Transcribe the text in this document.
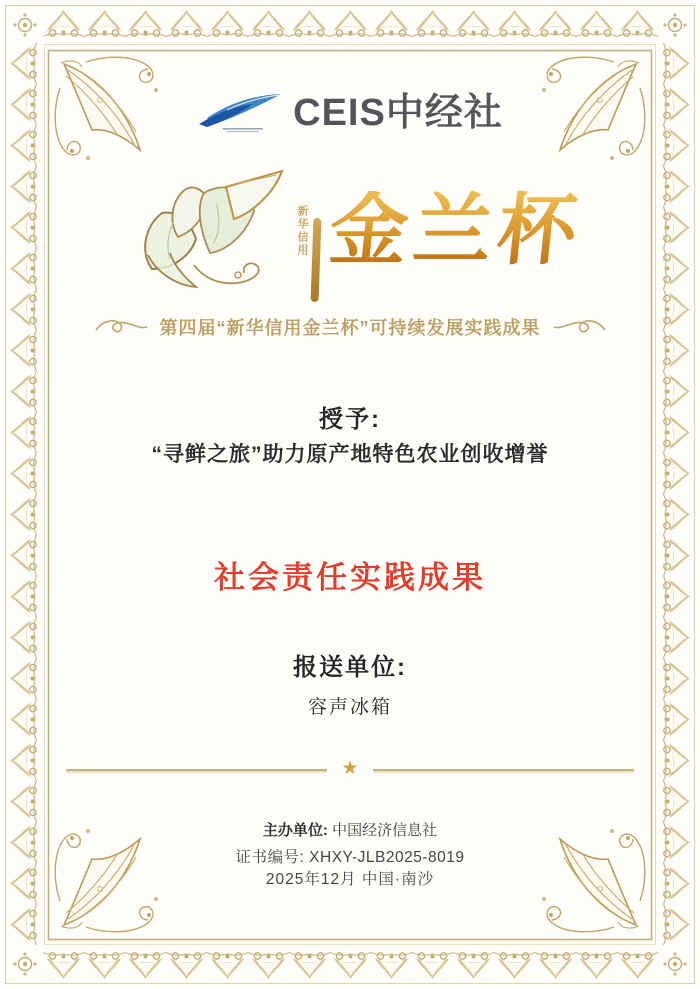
CEIS中经社
新华信用 金兰杯
第四届“新华信用金兰杯”可持续发展实践成果
授予:
“寻鲜之旅”助力原产地特色农业创收增誉
社会责任实践成果
报送单位:
容声冰箱
★
主办单位: 中国经济信息社
证书编号: XHXY-JLB2025-8019
2025年12月 中国·南沙
